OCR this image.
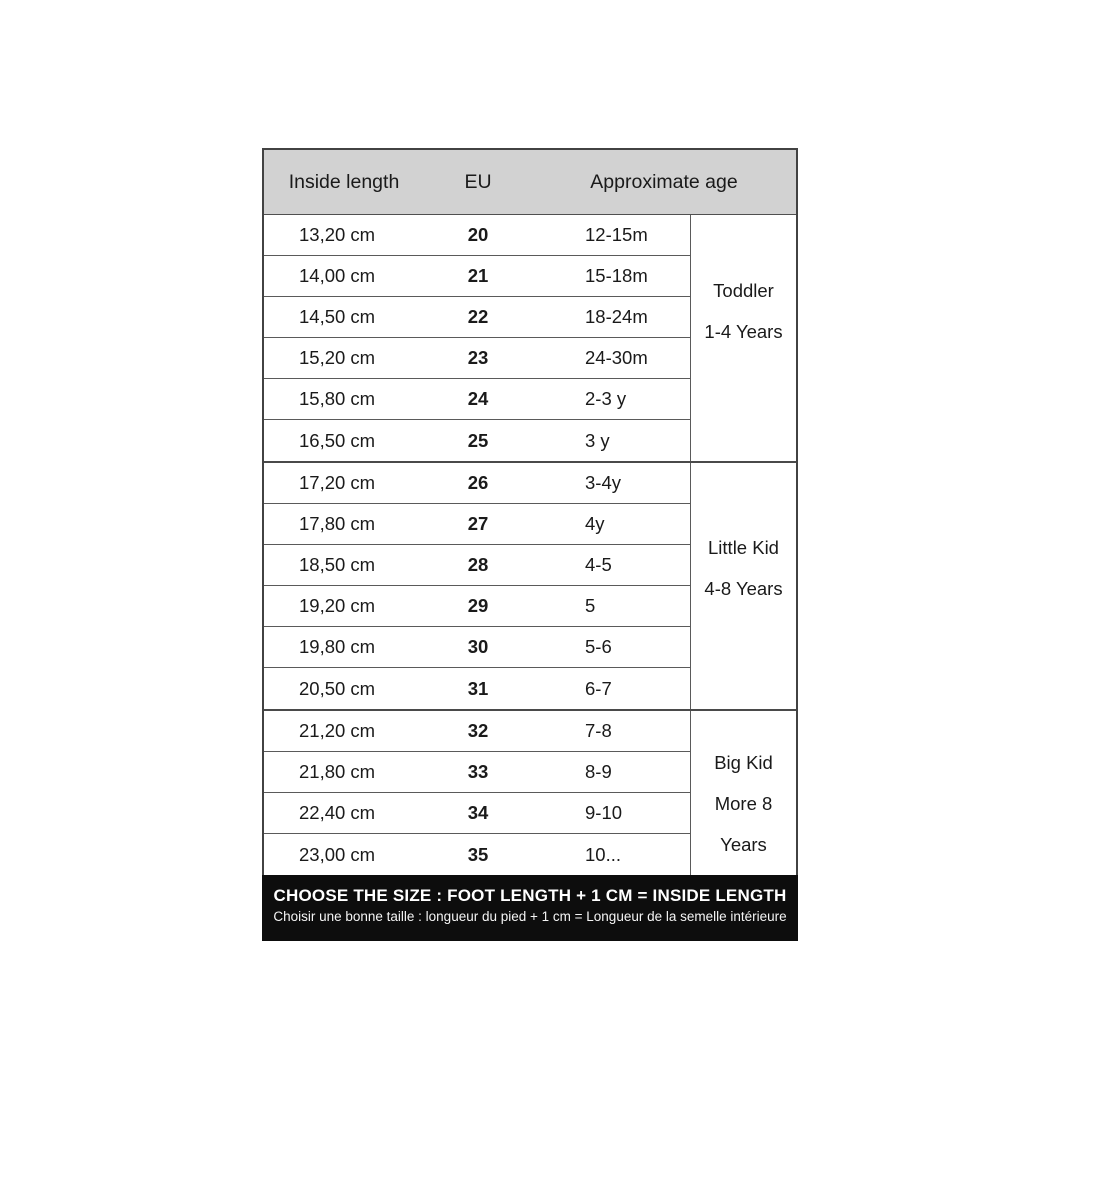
Inside length	EU	Approximate age
13,20 cm	20	12-15m
14,00 cm	21	15-18m
14,50 cm	22	18-24m
15,20 cm	23	24-30m
15,80 cm	24	2-3 y
16,50 cm	25	3 y
Toddler
1-4 Years
17,20 cm	26	3-4y
17,80 cm	27	4y
18,50 cm	28	4-5
19,20 cm	29	5
19,80 cm	30	5-6
20,50 cm	31	6-7
Little Kid
4-8 Years
21,20 cm	32	7-8
21,80 cm	33	8-9
22,40 cm	34	9-10
23,00 cm	35	10...
Big Kid
More 8
Years
CHOOSE THE SIZE : FOOT LENGTH + 1 CM = INSIDE LENGTH
Choisir une bonne taille : longueur du pied + 1 cm = Longueur de la semelle intérieure
